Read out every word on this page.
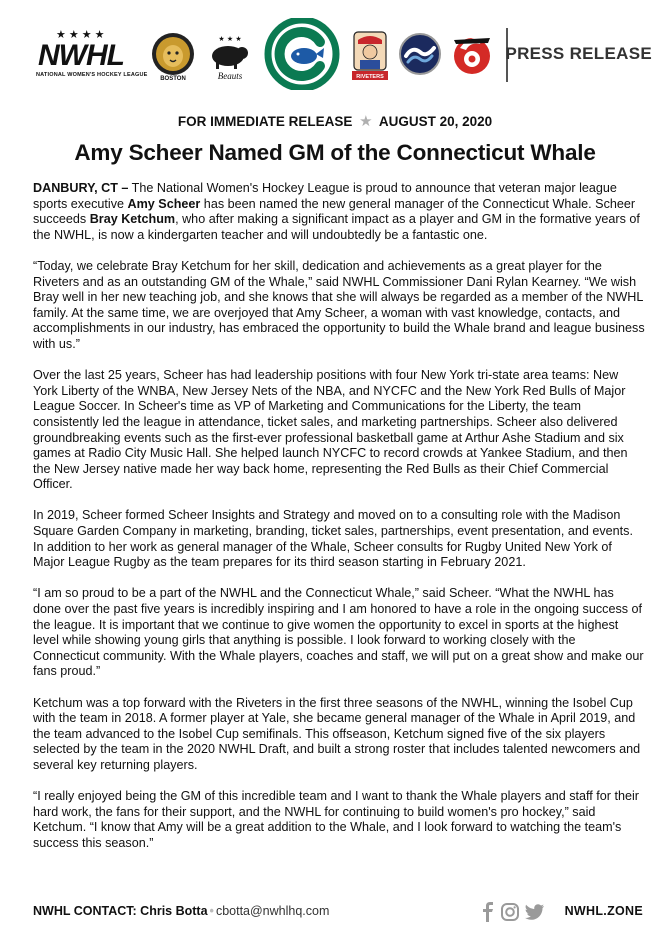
★★★★
NWHL
NATIONAL WOMEN'S HOCKEY LEAGUE
BOSTON
★ ★ ★
Beauts	RIVETERS
PRESS RELEASE
FOR IMMEDIATE RELEASE ★ AUGUST 20, 2020
Amy Scheer Named GM of the Connecticut Whale

DANBURY, CT – The National Women's Hockey League is proud to announce that veteran major league sports executive Amy Scheer has been named the new general manager of the Connecticut Whale. Scheer succeeds Bray Ketchum, who after making a significant impact as a player and GM in the formative years of the NWHL, is now a kindergarten teacher and will undoubtedly be a fantastic one.

“Today, we celebrate Bray Ketchum for her skill, dedication and achievements as a great player for the Riveters and as an outstanding GM of the Whale,” said NWHL Commissioner Dani Rylan Kearney. “We wish Bray well in her new teaching job, and she knows that she will always be regarded as a member of the NWHL family. At the same time, we are overjoyed that Amy Scheer, a woman with vast knowledge, contacts, and accomplishments in our industry, has embraced the opportunity to build the Whale brand and league business with us.”

Over the last 25 years, Scheer has had leadership positions with four New York tri-state area teams: New York Liberty of the WNBA, New Jersey Nets of the NBA, and NYCFC and the New York Red Bulls of Major League Soccer. In Scheer's time as VP of Marketing and Communications for the Liberty, the team consistently led the league in attendance, ticket sales, and marketing partnerships. Scheer also delivered groundbreaking events such as the first-ever professional basketball game at Arthur Ashe Stadium and six games at Radio City Music Hall. She helped launch NYCFC to record crowds at Yankee Stadium, and then the New Jersey native made her way back home, representing the Red Bulls as their Chief Commercial Officer.

In 2019, Scheer formed Scheer Insights and Strategy and moved on to a consulting role with the Madison Square Garden Company in marketing, branding, ticket sales, partnerships, event presentation, and events. In addition to her work as general manager of the Whale, Scheer consults for Rugby United New York of Major League Rugby as the team prepares for its third season starting in February 2021.

“I am so proud to be a part of the NWHL and the Connecticut Whale,” said Scheer. “What the NWHL has done over the past five years is incredibly inspiring and I am honored to have a role in the ongoing success of the league. It is important that we continue to give women the opportunity to excel in sports at the highest level while showing young girls that anything is possible. I look forward to working closely with the Connecticut community. With the Whale players, coaches and staff, we will put on a great show and make our fans proud.”

Ketchum was a top forward with the Riveters in the first three seasons of the NWHL, winning the Isobel Cup with the team in 2018. A former player at Yale, she became general manager of the Whale in April 2019, and the team advanced to the Isobel Cup semifinals. This offseason, Ketchum signed five of the six players selected by the team in the 2020 NWHL Draft, and built a strong roster that includes talented newcomers and several key returning players.

“I really enjoyed being the GM of this incredible team and I want to thank the Whale players and staff for their hard work, the fans for their support, and the NWHL for continuing to build women's pro hockey,” said Ketchum. “I know that Amy will be a great addition to the Whale, and I look forward to watching the team's success this season.”

NWHL CONTACT: Chris Botta • cbotta@nwhlhq.com	NWHL.ZONE
